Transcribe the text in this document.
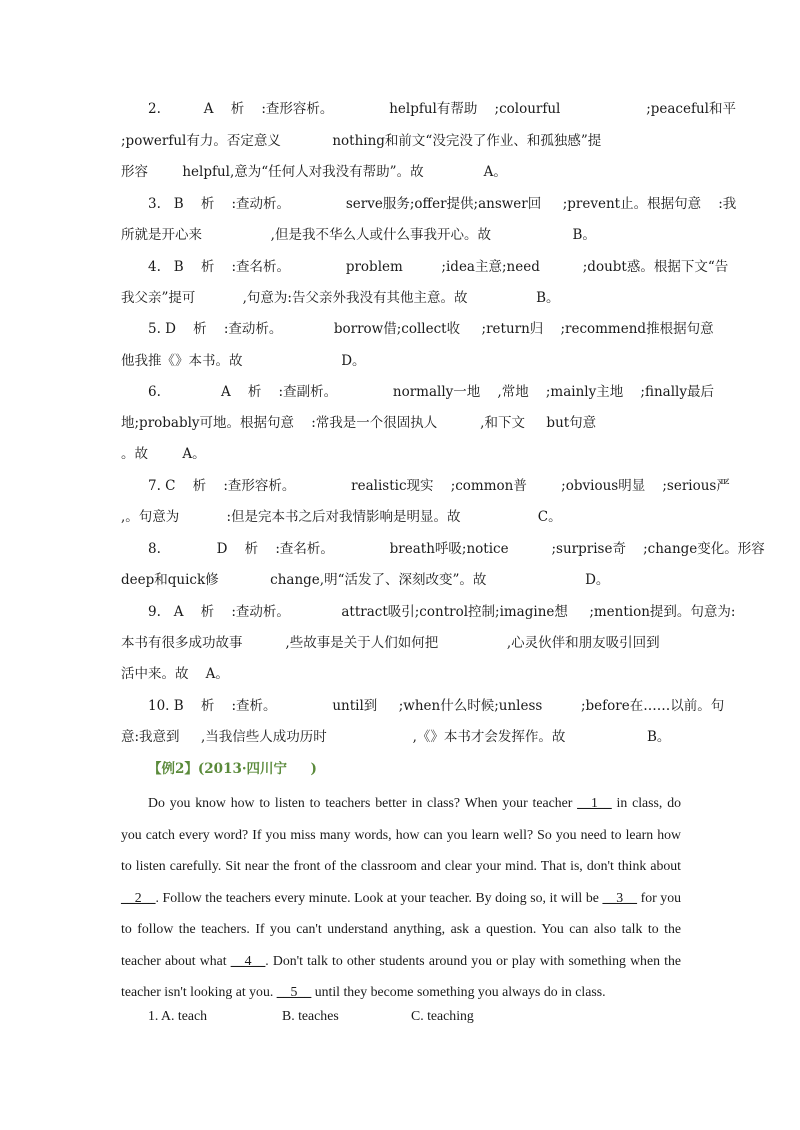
2.          A    析    :查形容析。             helpful有帮助    ;colourful                    ;peaceful和平
;powerful有力。否定意义            nothing和前文“没完没了作业、和孤独感”提
形容        helpful,意为“任何人对我没有帮助”。故              A。
3.   B    析    :查动析。             serve服务;offer提供;answer回     ;prevent止。根据句意    :我
所就是开心来                ,但是我不华么人或什么事我开心。故                   B。
4.   B    析    :查名析。             problem         ;idea主意;need          ;doubt惑。根据下文“告
我父亲”提可           ,句意为:告父亲外我没有其他主意。故                B。
5. D    析    :查动析。            borrow借;collect收     ;return归    ;recommend推根据句意
他我推《》本书。故                       D。
6.              A    析    :查副析。             normally一地    ,常地    ;mainly主地    ;finally最后
地;probably可地。根据句意    :常我是一个很固执人          ,和下文     but句意
。故        A。
7. C    析    :查形容析。             realistic现实    ;common普        ;obvious明显    ;serious严
,。句意为           :但是完本书之后对我情影响是明显。故                  C。
8.             D    析    :查名析。             breath呼吸;notice          ;surprise奇    ;change变化。形容
deep和quick修            change,明“活发了、深刻改变”。故                       D。
9.   A    析    :查动析。            attract吸引;control控制;imagine想     ;mention提到。句意为:
本书有很多成功故事          ,些故事是关于人们如何把                ,心灵伙伴和朋友吸引回到
活中来。故    A。
10. B    析    :查析。             until到     ;when什么时候;unless         ;before在……以前。句
意:我意到     ,当我信些人成功历时                    ,《》本书才会发挥作。故                   B。
【例2】(2013·四川宁     )
Do you know how to listen to teachers better in class? When your teacher __1__ in class, do you catch every word? If you miss many words, how can you learn well? So you need to learn how to listen carefully. Sit near the front of the classroom and clear your mind. That is, don't think about __2__. Follow the teachers every minute. Look at your teacher. By doing so, it will be __3__ for you to follow the teachers. If you can't understand anything, ask a question. You can also talk to the teacher about what __4__. Don't talk to other students around you or play with something when the teacher isn't looking at you. __5__ until they become something you always do in class.
1. A. teach	B. teaches	C. teaching
